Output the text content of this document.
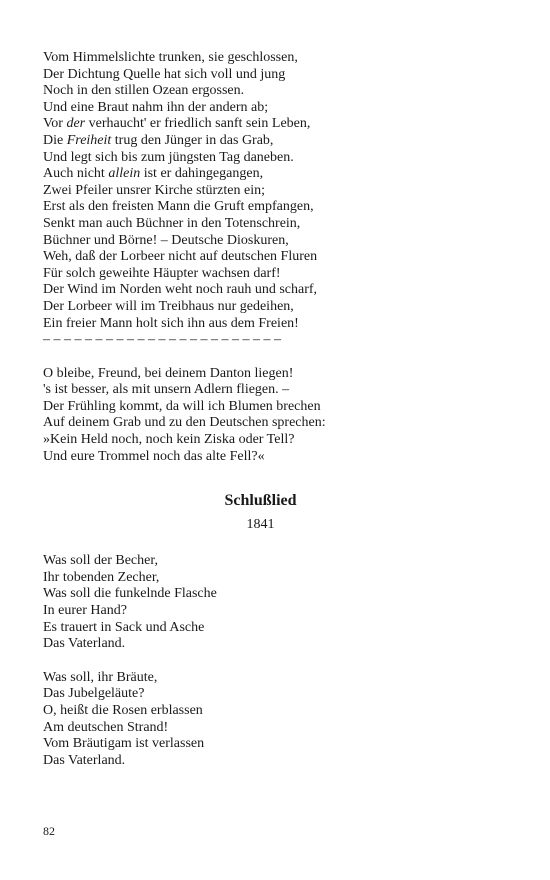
Vom Himmelslichte trunken, sie geschlossen,
Der Dichtung Quelle hat sich voll und jung
Noch in den stillen Ozean ergossen.
Und eine Braut nahm ihn der andern ab;
Vor der verhaucht' er friedlich sanft sein Leben,
Die Freiheit trug den Jünger in das Grab,
Und legt sich bis zum jüngsten Tag daneben.
Auch nicht allein ist er dahingegangen,
Zwei Pfeiler unsrer Kirche stürzten ein;
Erst als den freisten Mann die Gruft empfangen,
Senkt man auch Büchner in den Totenschrein,
Büchner und Börne! – Deutsche Dioskuren,
Weh, daß der Lorbeer nicht auf deutschen Fluren
Für solch geweihte Häupter wachsen darf!
Der Wind im Norden weht noch rauh und scharf,
Der Lorbeer will im Treibhaus nur gedeihen,
Ein freier Mann holt sich ihn aus dem Freien!
– – – – – – – – – – – – – – – – – – – – – – –
O bleibe, Freund, bei deinem Danton liegen!
's ist besser, als mit unsern Adlern fliegen. –
Der Frühling kommt, da will ich Blumen brechen
Auf deinem Grab und zu den Deutschen sprechen:
»Kein Held noch, noch kein Ziska oder Tell?
Und eure Trommel noch das alte Fell?«
Schlußlied
1841
Was soll der Becher,
Ihr tobenden Zecher,
Was soll die funkelnde Flasche
In eurer Hand?
Es trauert in Sack und Asche
Das Vaterland.
Was soll, ihr Bräute,
Das Jubelgeläute?
O, heißt die Rosen erblassen
Am deutschen Strand!
Vom Bräutigam ist verlassen
Das Vaterland.
82
